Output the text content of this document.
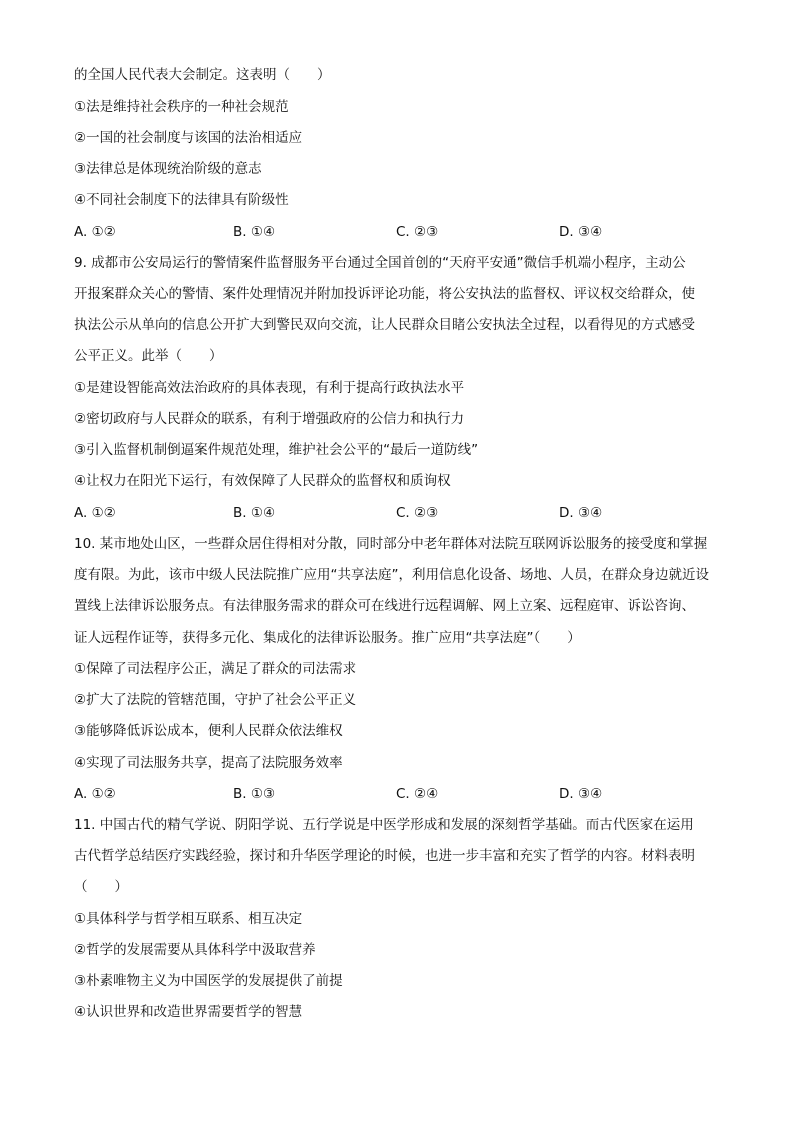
的全国人民代表大会制定。这表明（　　）
①法是维持社会秩序的一种社会规范
②一国的社会制度与该国的法治相适应
③法律总是体现统治阶级的意志
④不同社会制度下的法律具有阶级性
A. ①②	B. ①④	C. ②③	D. ③④
9. 成都市公安局运行的警情案件监督服务平台通过全国首创的“天府平安通”微信手机端小程序，主动公
开报案群众关心的警情、案件处理情况并附加投诉评论功能，将公安执法的监督权、评议权交给群众，使
执法公示从单向的信息公开扩大到警民双向交流，让人民群众目睹公安执法全过程，以看得见的方式感受
公平正义。此举（　　）
①是建设智能高效法治政府的具体表现，有利于提高行政执法水平
②密切政府与人民群众的联系，有利于增强政府的公信力和执行力
③引入监督机制倒逼案件规范处理，维护社会公平的“最后一道防线”
④让权力在阳光下运行，有效保障了人民群众的监督权和质询权
A. ①②	B. ①④	C. ②③	D. ③④
10. 某市地处山区，一些群众居住得相对分散，同时部分中老年群体对法院互联网诉讼服务的接受度和掌握
度有限。为此，该市中级人民法院推广应用“共享法庭”，利用信息化设备、场地、人员，在群众身边就近设
置线上法律诉讼服务点。有法律服务需求的群众可在线进行远程调解、网上立案、远程庭审、诉讼咨询、
证人远程作证等，获得多元化、集成化的法律诉讼服务。推广应用“共享法庭”（　　）
①保障了司法程序公正，满足了群众的司法需求
②扩大了法院的管辖范围，守护了社会公平正义
③能够降低诉讼成本，便利人民群众依法维权
④实现了司法服务共享，提高了法院服务效率
A. ①②	B. ①③	C. ②④	D. ③④
11. 中国古代的精气学说、阴阳学说、五行学说是中医学形成和发展的深刻哲学基础。而古代医家在运用
古代哲学总结医疗实践经验，探讨和升华医学理论的时候，也进一步丰富和充实了哲学的内容。材料表明
（　　）
①具体科学与哲学相互联系、相互决定
②哲学的发展需要从具体科学中汲取营养
③朴素唯物主义为中国医学的发展提供了前提
④认识世界和改造世界需要哲学的智慧
